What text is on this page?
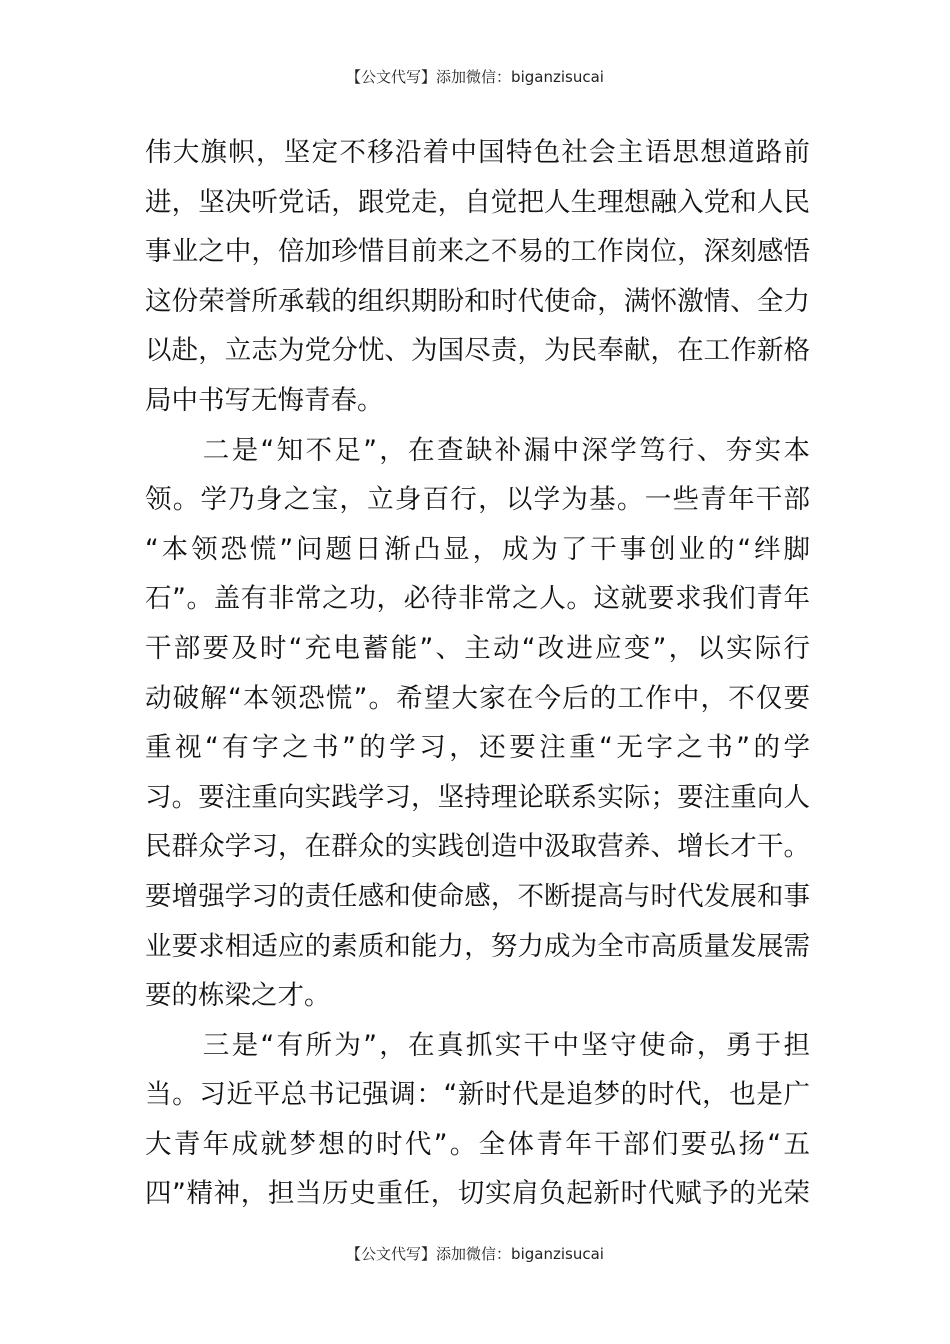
【公文代写】添加微信：biganzisucai
伟大旗帜，坚定不移沿着中国特色社会主语思想道路前
进，坚决听党话，跟党走，自觉把人生理想融入党和人民
事业之中，倍加珍惜目前来之不易的工作岗位，深刻感悟
这份荣誉所承载的组织期盼和时代使命，满怀激情、全力
以赴，立志为党分忧、为国尽责，为民奉献，在工作新格
局中书写无悔青春。
　　二是“知不足”，在查缺补漏中深学笃行、夯实本
领。学乃身之宝，立身百行，以学为基。一些青年干部
“本领恐慌”问题日渐凸显，成为了干事创业的“绊脚
石”。盖有非常之功，必待非常之人。这就要求我们青年
干部要及时“充电蓄能”、主动“改进应变”，以实际行
动破解“本领恐慌”。希望大家在今后的工作中，不仅要
重视“有字之书”的学习，还要注重“无字之书”的学
习。要注重向实践学习，坚持理论联系实际；要注重向人
民群众学习，在群众的实践创造中汲取营养、增长才干。
要增强学习的责任感和使命感，不断提高与时代发展和事
业要求相适应的素质和能力，努力成为全市高质量发展需
要的栋梁之才。
　　三是“有所为”，在真抓实干中坚守使命，勇于担
当。习近平总书记强调：“新时代是追梦的时代，也是广
大青年成就梦想的时代”。全体青年干部们要弘扬“五
四”精神，担当历史重任，切实肩负起新时代赋予的光荣
【公文代写】添加微信：biganzisucai
